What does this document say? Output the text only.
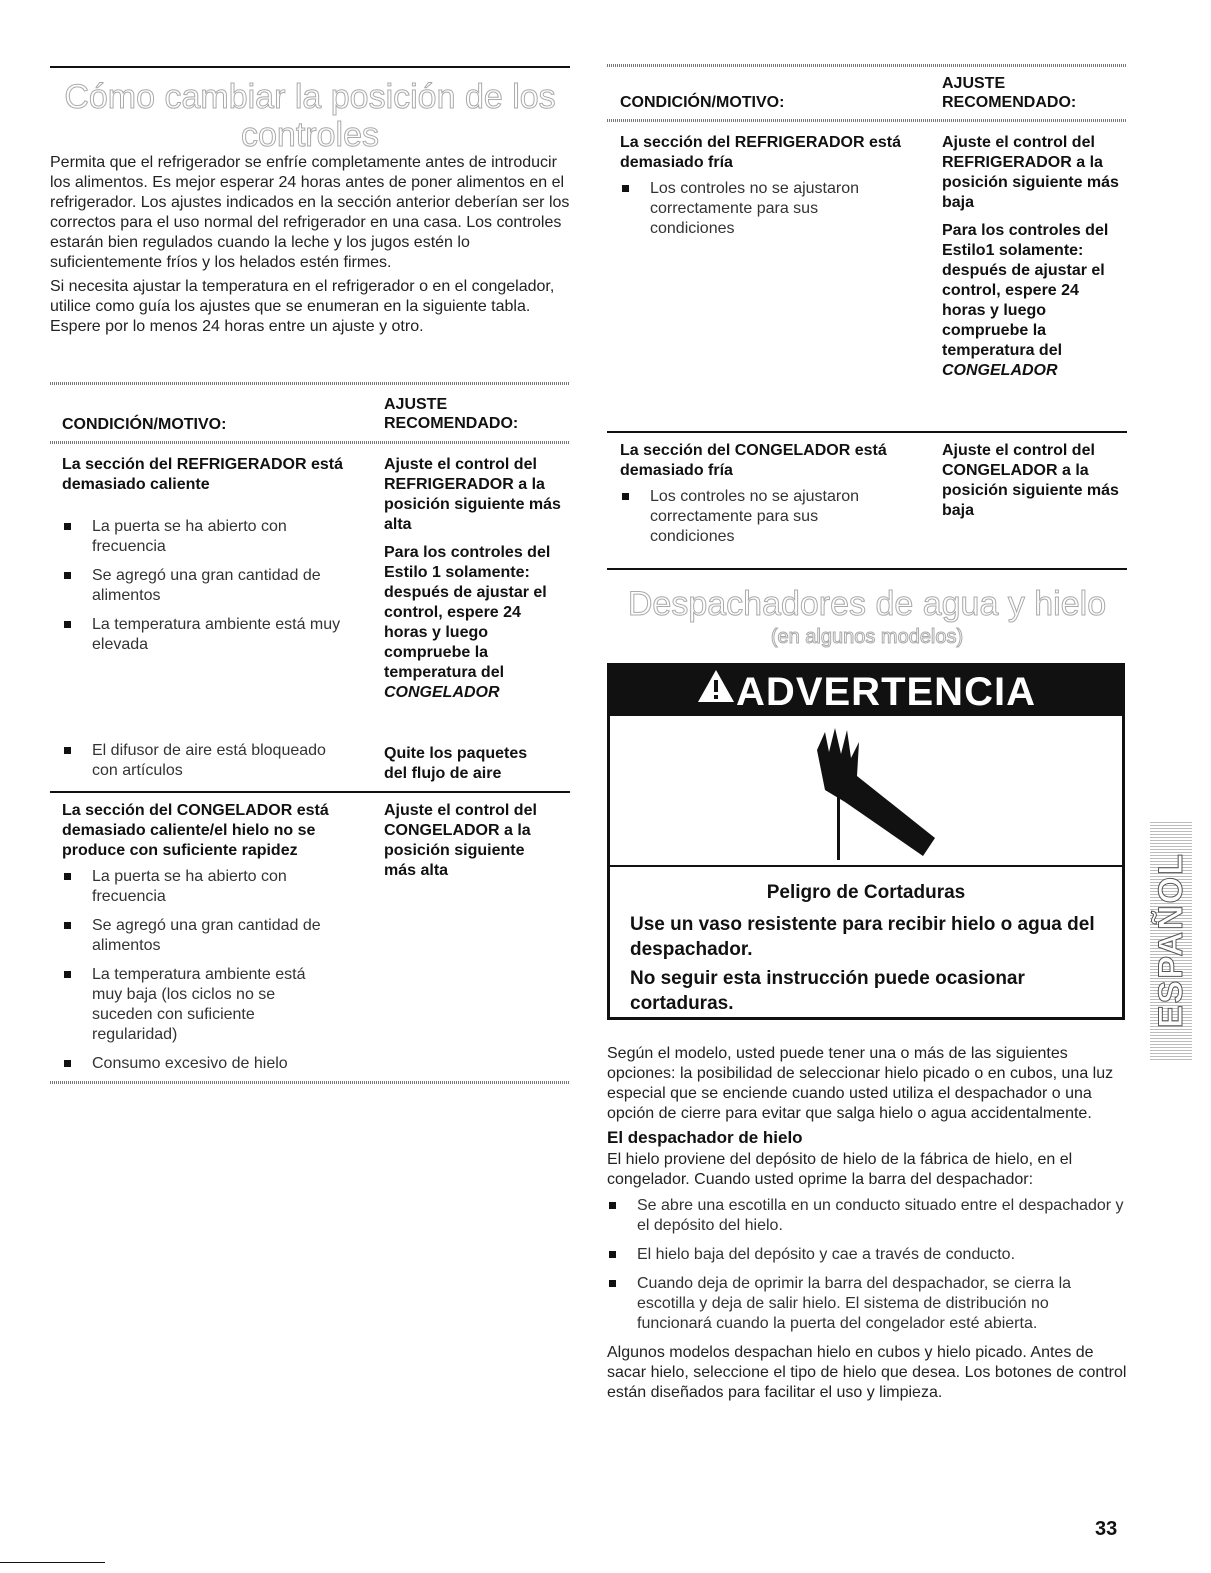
Cómo cambiar la posición de los
controles

Permita que el refrigerador se enfríe completamente antes de introducir los alimentos. Es mejor esperar 24 horas antes de poner alimentos en el refrigerador. Los ajustes indicados en la sección anterior deberían ser los correctos para el uso normal del refrigerador en una casa. Los controles estarán bien regulados cuando la leche y los jugos estén lo suficientemente fríos y los helados estén firmes.

Si necesita ajustar la temperatura en el refrigerador o en el congelador, utilice como guía los ajustes que se enumeran en la siguiente tabla. Espere por lo menos 24 horas entre un ajuste y otro.

CONDICIÓN/MOTIVO:
AJUSTE
RECOMENDADO:
La sección del REFRIGERADOR está demasiado caliente
La puerta se ha abierto con frecuencia
Se agregó una gran cantidad de alimentos
La temperatura ambiente está muy elevada
Ajuste el control del REFRIGERADOR a la posición siguiente más alta
Para los controles del Estilo 1 solamente: después de ajustar el control, espere 24 horas y luego compruebe la temperatura del CONGELADOR
El difusor de aire está bloqueado con artículos
Quite los paquetes del flujo de aire
La sección del CONGELADOR está demasiado caliente/el hielo no se produce con suficiente rapidez
La puerta se ha abierto con frecuencia
Se agregó una gran cantidad de alimentos
La temperatura ambiente está muy baja (los ciclos no se suceden con suficiente regularidad)
Consumo excesivo de hielo
Ajuste el control del CONGELADOR a la posición siguiente más alta
CONDICIÓN/MOTIVO:
AJUSTE
RECOMENDADO:
La sección del REFRIGERADOR está demasiado fría
Los controles no se ajustaron correctamente para sus condiciones
Ajuste el control del REFRIGERADOR a la posición siguiente más baja
Para los controles del Estilo1 solamente: después de ajustar el control, espere 24 horas y luego compruebe la temperatura del CONGELADOR
La sección del CONGELADOR está demasiado fría
Los controles no se ajustaron correctamente para sus condiciones
Ajuste el control del CONGELADOR a la posición siguiente más baja
Despachadores de agua y hielo
(en algunos modelos)
ADVERTENCIA
Peligro de Cortaduras
Use un vaso resistente para recibir hielo o agua del despachador.
No seguir esta instrucción puede ocasionar cortaduras.

Según el modelo, usted puede tener una o más de las siguientes opciones: la posibilidad de seleccionar hielo picado o en cubos, una luz especial que se enciende cuando usted utiliza el despachador o una opción de cierre para evitar que salga hielo o agua accidentalmente.

El despachador de hielo

El hielo proviene del depósito de hielo de la fábrica de hielo, en el congelador. Cuando usted oprime la barra del despachador:

Se abre una escotilla en un conducto situado entre el despachador y el depósito del hielo.
El hielo baja del depósito y cae a través de conducto.
Cuando deja de oprimir la barra del despachador, se cierra la escotilla y deja de salir hielo. El sistema de distribución no funcionará cuando la puerta del congelador esté abierta.

Algunos modelos despachan hielo en cubos y hielo picado. Antes de sacar hielo, seleccione el tipo de hielo que desea. Los botones de control están diseñados para facilitar el uso y limpieza.

ESPAÑOL
33
